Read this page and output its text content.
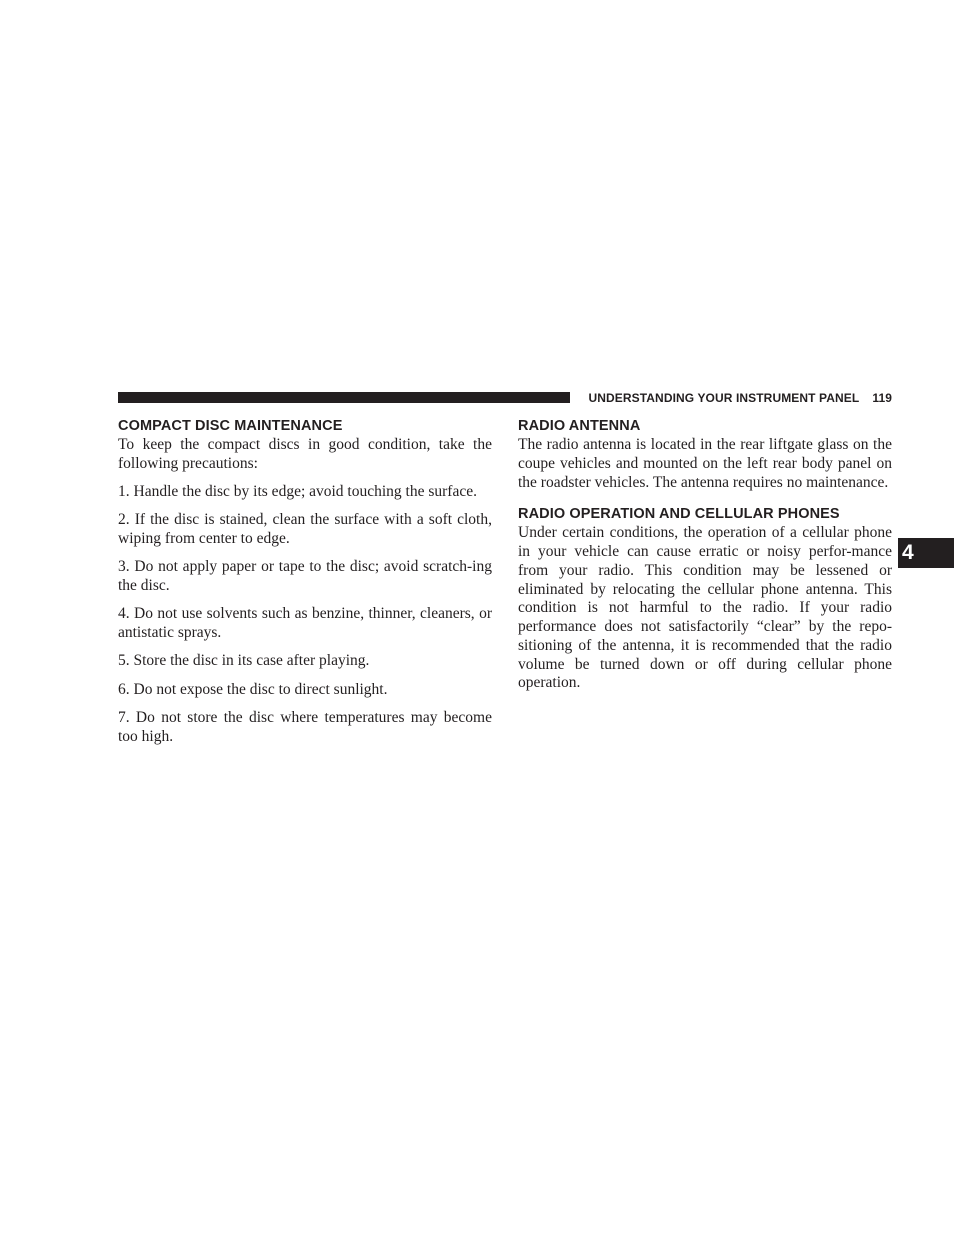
UNDERSTANDING YOUR INSTRUMENT PANEL 119
4
COMPACT DISC MAINTENANCE

To keep the compact discs in good condition, take the following precautions:

1. Handle the disc by its edge; avoid touching the surface.

2. If the disc is stained, clean the surface with a soft cloth, wiping from center to edge.

3. Do not apply paper or tape to the disc; avoid scratch-ing the disc.

4. Do not use solvents such as benzine, thinner, cleaners, or antistatic sprays.

5. Store the disc in its case after playing.

6. Do not expose the disc to direct sunlight.

7. Do not store the disc where temperatures may become too high.

RADIO ANTENNA

The radio antenna is located in the rear liftgate glass on the coupe vehicles and mounted on the left rear body panel on the roadster vehicles. The antenna requires no maintenance.

RADIO OPERATION AND CELLULAR PHONES

Under certain conditions, the operation of a cellular phone in your vehicle can cause erratic or noisy perfor-mance from your radio. This condition may be lessened or eliminated by relocating the cellular phone antenna. This condition is not harmful to the radio. If your radio performance does not satisfactorily “clear” by the repo-sitioning of the antenna, it is recommended that the radio volume be turned down or off during cellular phone operation.
